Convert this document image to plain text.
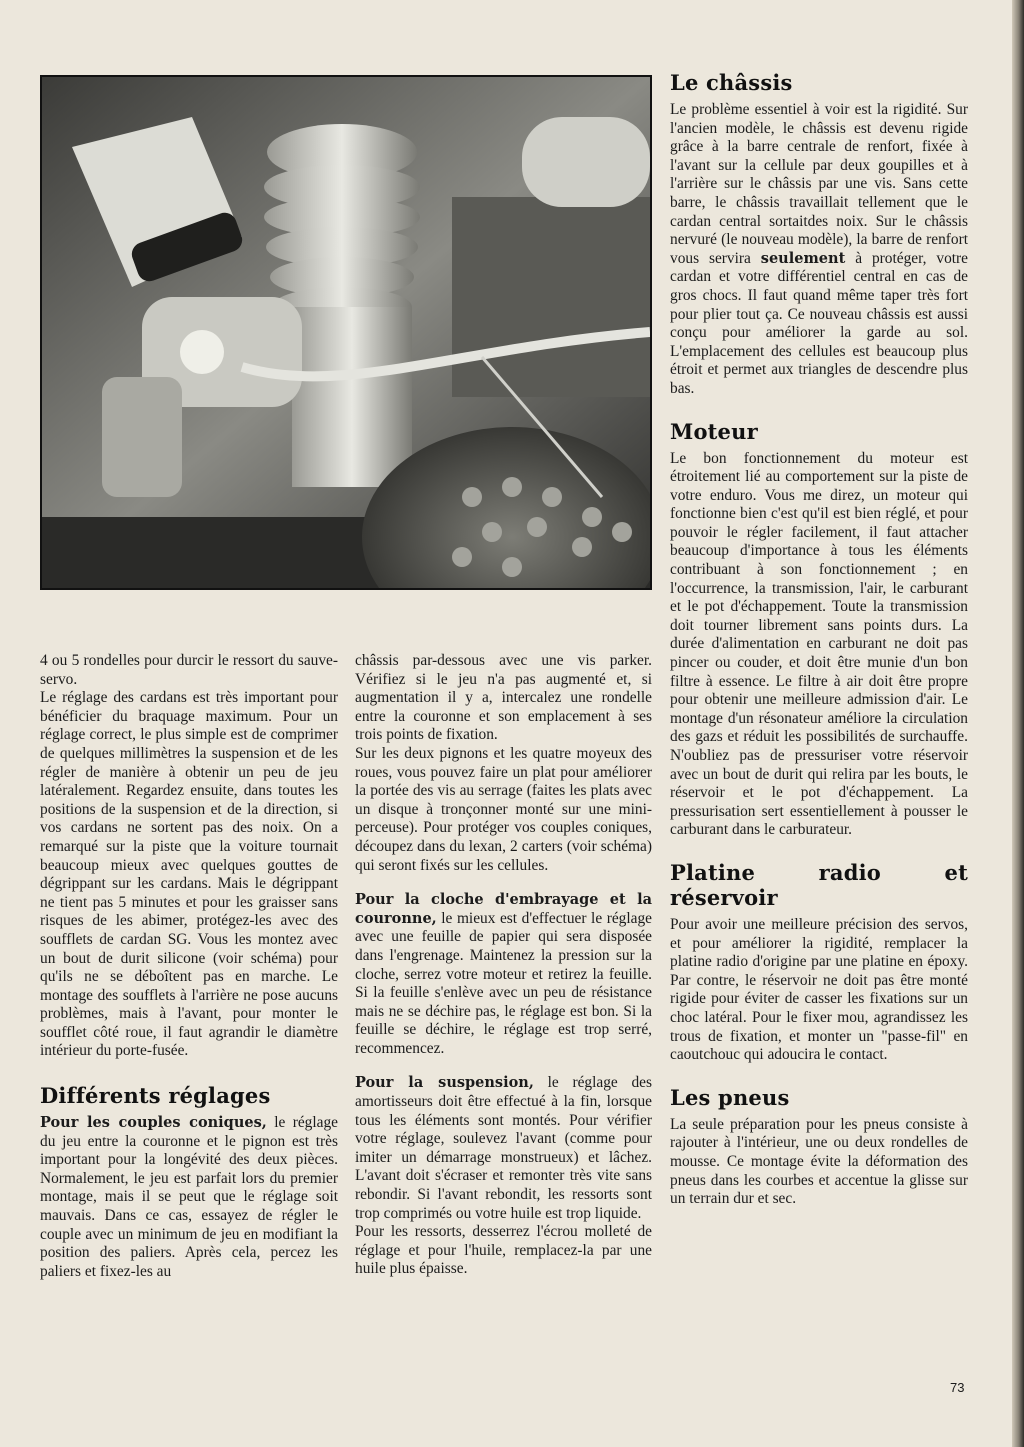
4 ou 5 rondelles pour durcir le ressort du sauve-servo.

Le réglage des cardans est très important pour bénéficier du braquage maximum. Pour un réglage correct, le plus simple est de comprimer de quelques millimètres la suspension et de les régler de manière à obtenir un peu de jeu latéralement. Regardez ensuite, dans toutes les positions de la suspension et de la direction, si vos cardans ne sortent pas des noix. On a remarqué sur la piste que la voiture tournait beaucoup mieux avec quelques gouttes de dégrippant sur les cardans. Mais le dégrippant ne tient pas 5 minutes et pour les graisser sans risques de les abimer, protégez-les avec des soufflets de cardan SG. Vous les montez avec un bout de durit silicone (voir schéma) pour qu'ils ne se déboîtent pas en marche. Le montage des soufflets à l'arrière ne pose aucuns problèmes, mais à l'avant, pour monter le soufflet côté roue, il faut agrandir le diamètre intérieur du porte-fusée.

Différents réglages

Pour les couples coniques, le réglage du jeu entre la couronne et le pignon est très important pour la longévité des deux pièces. Normalement, le jeu est parfait lors du premier montage, mais il se peut que le réglage soit mauvais. Dans ce cas, essayez de régler le couple avec un minimum de jeu en modifiant la position des paliers. Après cela, percez les paliers et fixez-les au

châssis par-dessous avec une vis parker. Vérifiez si le jeu n'a pas augmenté et, si augmentation il y a, intercalez une rondelle entre la couronne et son emplacement à ses trois points de fixation.

Sur les deux pignons et les quatre moyeux des roues, vous pouvez faire un plat pour améliorer la portée des vis au serrage (faites les plats avec un disque à tronçonner monté sur une mini-perceuse). Pour protéger vos couples coniques, découpez dans du lexan, 2 carters (voir schéma) qui seront fixés sur les cellules.

Pour la cloche d'embrayage et la couronne, le mieux est d'effectuer le réglage avec une feuille de papier qui sera disposée dans l'engrenage. Maintenez la pression sur la cloche, serrez votre moteur et retirez la feuille. Si la feuille s'enlève avec un peu de résistance mais ne se déchire pas, le réglage est bon. Si la feuille se déchire, le réglage est trop serré, recommencez.

Pour la suspension, le réglage des amortisseurs doit être effectué à la fin, lorsque tous les éléments sont montés. Pour vérifier votre réglage, soulevez l'avant (comme pour imiter un démarrage monstrueux) et lâchez. L'avant doit s'écraser et remonter très vite sans rebondir. Si l'avant rebondit, les ressorts sont trop comprimés ou votre huile est trop liquide.

Pour les ressorts, desserrez l'écrou molleté de réglage et pour l'huile, remplacez-la par une huile plus épaisse.

Le châssis

Le problème essentiel à voir est la rigidité. Sur l'ancien modèle, le châssis est devenu rigide grâce à la barre centrale de renfort, fixée à l'avant sur la cellule par deux goupilles et à l'arrière sur le châssis par une vis. Sans cette barre, le châssis travaillait tellement que le cardan central sortaitdes noix. Sur le châssis nervuré (le nouveau modèle), la barre de renfort vous servira seulement à protéger, votre cardan et votre différentiel central en cas de gros chocs. Il faut quand même taper très fort pour plier tout ça. Ce nouveau châssis est aussi conçu pour améliorer la garde au sol. L'emplacement des cellules est beaucoup plus étroit et permet aux triangles de descendre plus bas.

Moteur

Le bon fonctionnement du moteur est étroitement lié au comportement sur la piste de votre enduro. Vous me direz, un moteur qui fonctionne bien c'est qu'il est bien réglé, et pour pouvoir le régler facilement, il faut attacher beaucoup d'importance à tous les éléments contribuant à son fonctionnement ; en l'occurrence, la transmission, l'air, le carburant et le pot d'échappement. Toute la transmission doit tourner librement sans points durs. La durée d'alimentation en carburant ne doit pas pincer ou couder, et doit être munie d'un bon filtre à essence. Le filtre à air doit être propre pour obtenir une meilleure admission d'air. Le montage d'un résonateur améliore la circulation des gazs et réduit les possibilités de surchauffe. N'oubliez pas de pressuriser votre réservoir avec un bout de durit qui relira par les bouts, le réservoir et le pot d'échappement. La pressurisation sert essentiellement à pousser le carburant dans le carburateur.

Platine radio et réservoir

Pour avoir une meilleure précision des servos, et pour améliorer la rigidité, remplacer la platine radio d'origine par une platine en époxy. Par contre, le réservoir ne doit pas être monté rigide pour éviter de casser les fixations sur un choc latéral. Pour le fixer mou, agrandissez les trous de fixation, et monter un "passe-fil" en caoutchouc qui adoucira le contact.

Les pneus

La seule préparation pour les pneus consiste à rajouter à l'intérieur, une ou deux rondelles de mousse. Ce montage évite la déformation des pneus dans les courbes et accentue la glisse sur un terrain dur et sec.

73
